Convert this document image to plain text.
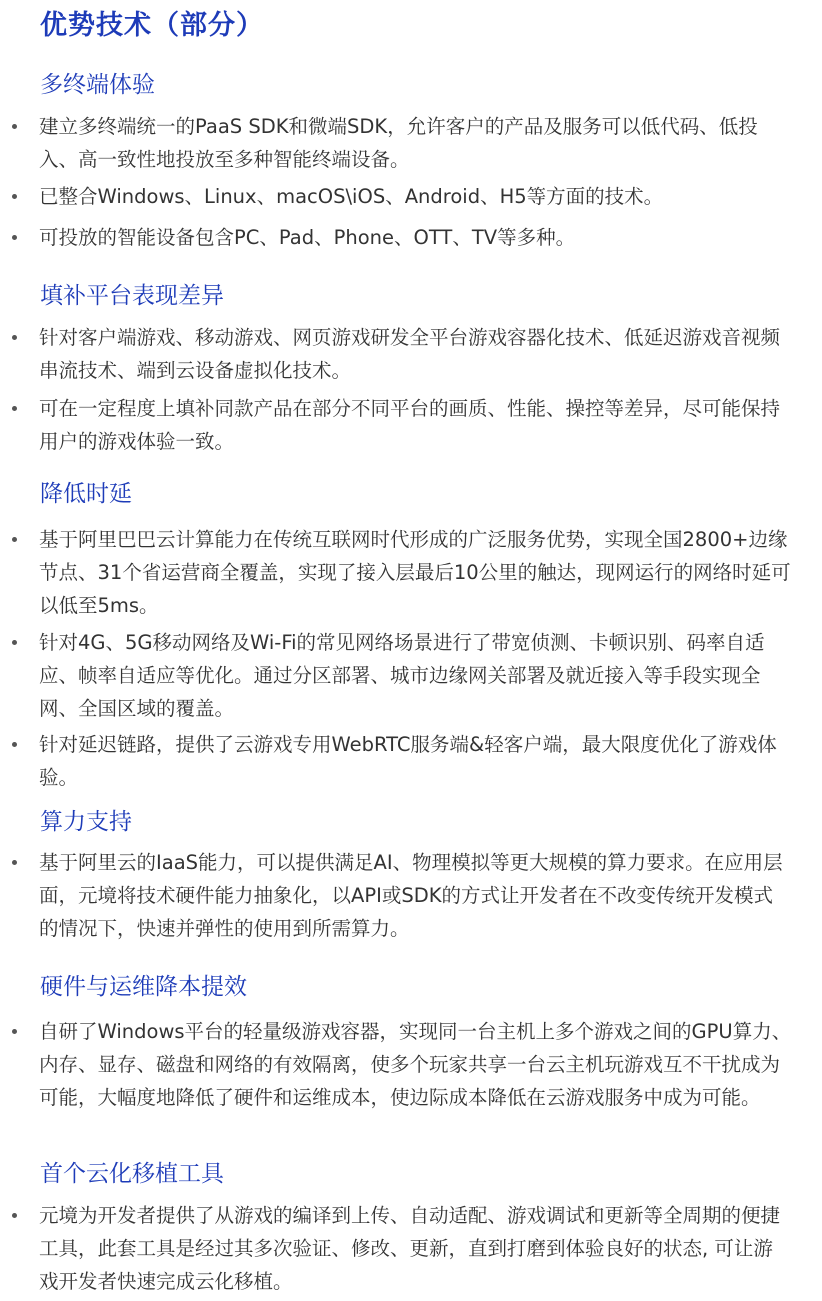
优势技术（部分）
多终端体验
建立多终端统一的PaaS SDK和微端SDK，允许客户的产品及服务可以低代码、低投入、高一致性地投放至多种智能终端设备。
已整合Windows、Linux、macOS\iOS、Android、H5等方面的技术。
可投放的智能设备包含PC、Pad、Phone、OTT、TV等多种。
填补平台表现差异
针对客户端游戏、移动游戏、网页游戏研发全平台游戏容器化技术、低延迟游戏音视频串流技术、端到云设备虚拟化技术。
可在一定程度上填补同款产品在部分不同平台的画质、性能、操控等差异，尽可能保持用户的游戏体验一致。
降低时延
基于阿里巴巴云计算能力在传统互联网时代形成的广泛服务优势，实现全国2800+边缘节点、31个省运营商全覆盖，实现了接入层最后10公里的触达，现网运行的网络时延可以低至5ms。
针对4G、5G移动网络及Wi-Fi的常见网络场景进行了带宽侦测、卡顿识别、码率自适应、帧率自适应等优化。通过分区部署、城市边缘网关部署及就近接入等手段实现全网、全国区域的覆盖。
针对延迟链路，提供了云游戏专用WebRTC服务端&轻客户端，最大限度优化了游戏体验。
算力支持
基于阿里云的IaaS能力，可以提供满足AI、物理模拟等更大规模的算力要求。在应用层面，元境将技术硬件能力抽象化，以API或SDK的方式让开发者在不改变传统开发模式的情况下，快速并弹性的使用到所需算力。
硬件与运维降本提效
自研了Windows平台的轻量级游戏容器，实现同一台主机上多个游戏之间的GPU算力、内存、显存、磁盘和网络的有效隔离，使多个玩家共享一台云主机玩游戏互不干扰成为可能，大幅度地降低了硬件和运维成本，使边际成本降低在云游戏服务中成为可能。
首个云化移植工具
元境为开发者提供了从游戏的编译到上传、自动适配、游戏调试和更新等全周期的便捷工具，此套工具是经过其多次验证、修改、更新，直到打磨到体验良好的状态, 可让游戏开发者快速完成云化移植。
